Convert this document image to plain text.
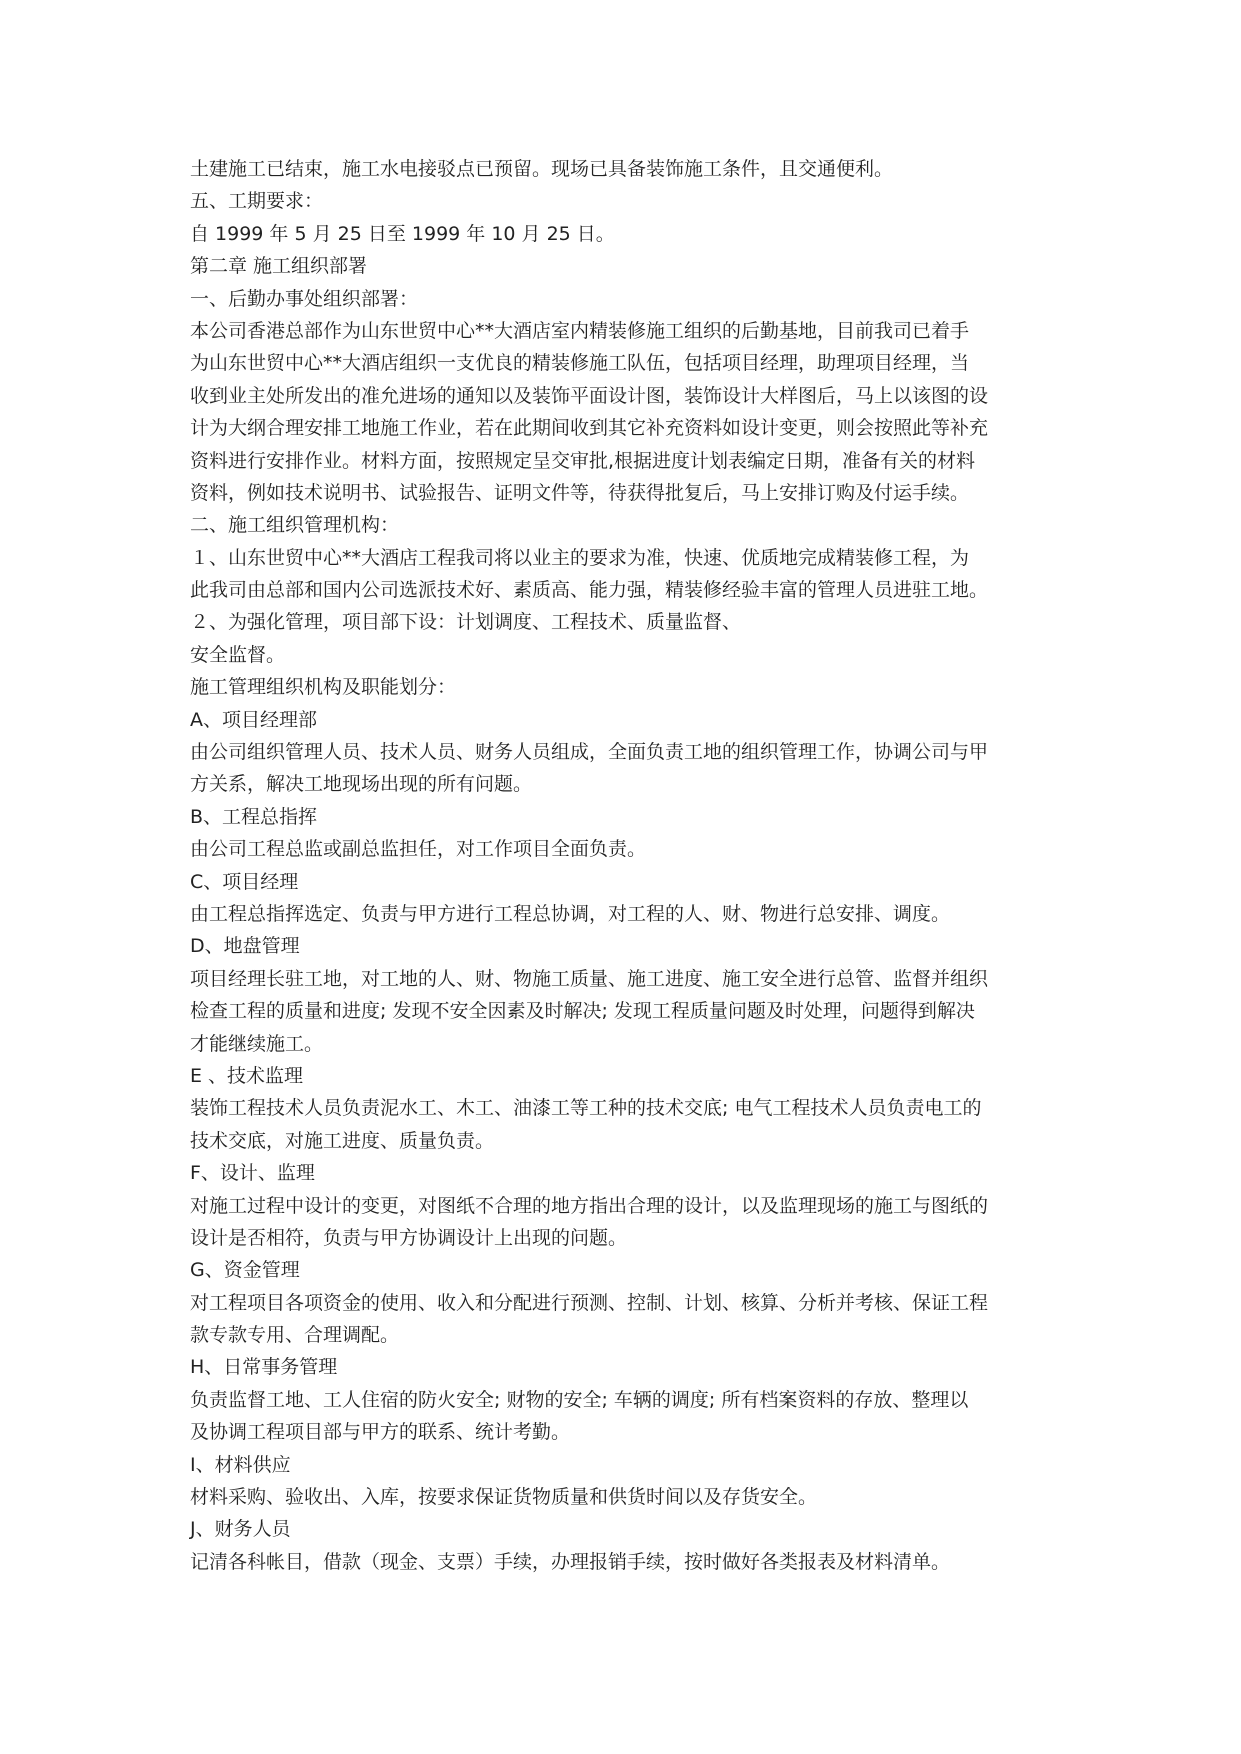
土建施工已结束，施工水电接驳点已预留。现场已具备装饰施工条件，且交通便利。
五、工期要求：
自 1999 年 5 月 25 日至 1999 年 10 月 25 日。
第二章 施工组织部署
一、后勤办事处组织部署：
本公司香港总部作为山东世贸中心**大酒店室内精装修施工组织的后勤基地，目前我司已着手
为山东世贸中心**大酒店组织一支优良的精装修施工队伍，包括项目经理，助理项目经理，当
收到业主处所发出的准允进场的通知以及装饰平面设计图，装饰设计大样图后，马上以该图的设
计为大纲合理安排工地施工作业，若在此期间收到其它补充资料如设计变更，则会按照此等补充
资料进行安排作业。材料方面，按照规定呈交审批,根据进度计划表编定日期，准备有关的材料
资料，例如技术说明书、试验报告、证明文件等，待获得批复后，马上安排订购及付运手续。
二、施工组织管理机构：
１、山东世贸中心**大酒店工程我司将以业主的要求为准，快速、优质地完成精装修工程，为
此我司由总部和国内公司选派技术好、素质高、能力强，精装修经验丰富的管理人员进驻工地。
２、为强化管理，项目部下设：计划调度、工程技术、质量监督、
安全监督。
施工管理组织机构及职能划分：
A、项目经理部
由公司组织管理人员、技术人员、财务人员组成，全面负责工地的组织管理工作，协调公司与甲
方关系，解决工地现场出现的所有问题。
B、工程总指挥
由公司工程总监或副总监担任，对工作项目全面负责。
C、项目经理
由工程总指挥选定、负责与甲方进行工程总协调，对工程的人、财、物进行总安排、调度。
D、地盘管理
项目经理长驻工地，对工地的人、财、物施工质量、施工进度、施工安全进行总管、监督并组织
检查工程的质量和进度; 发现不安全因素及时解决; 发现工程质量问题及时处理，问题得到解决
才能继续施工。
E 、技术监理
装饰工程技术人员负责泥水工、木工、油漆工等工种的技术交底; 电气工程技术人员负责电工的
技术交底，对施工进度、质量负责。
F、设计、监理
对施工过程中设计的变更，对图纸不合理的地方指出合理的设计，以及监理现场的施工与图纸的
设计是否相符，负责与甲方协调设计上出现的问题。
G、资金管理
对工程项目各项资金的使用、收入和分配进行预测、控制、计划、核算、分析并考核、保证工程
款专款专用、合理调配。
H、日常事务管理
负责监督工地、工人住宿的防火安全; 财物的安全; 车辆的调度; 所有档案资料的存放、整理以
及协调工程项目部与甲方的联系、统计考勤。
I、材料供应
材料采购、验收出、入库，按要求保证货物质量和供货时间以及存货安全。
J、财务人员
记清各科帐目，借款（现金、支票）手续，办理报销手续，按时做好各类报表及材料清单。
